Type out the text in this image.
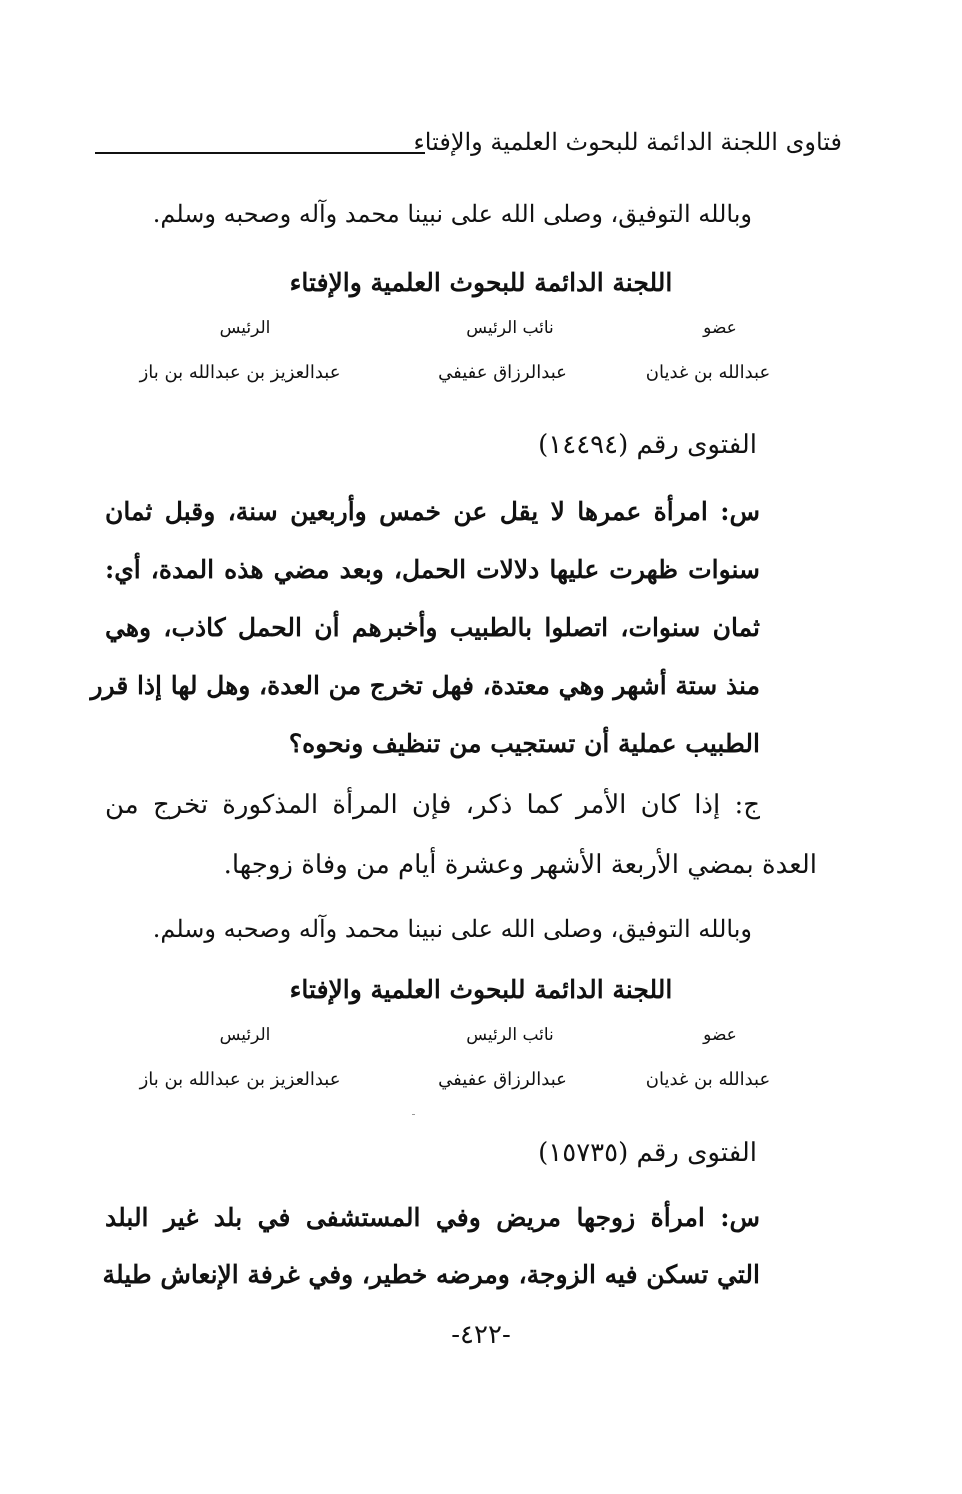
فتاوى اللجنة الدائمة للبحوث العلمية والإفتاء
وبالله التوفيق، وصلى الله على نبينا محمد وآله وصحبه وسلم.
اللجنة الدائمة للبحوث العلمية والإفتاء
عضو
نائب الرئيس
الرئيس
عبدالله بن غديان
عبدالرزاق عفيفي
عبدالعزيز بن عبدالله بن باز
الفتوى رقم (١٤٤٩٤)
س: امرأة عمرها لا يقل عن خمس وأربعين سنة، وقبل ثمان
سنوات ظهرت عليها دلالات الحمل، وبعد مضي هذه المدة، أي:
ثمان سنوات، اتصلوا بالطبيب وأخبرهم أن الحمل كاذب، وهي
منذ ستة أشهر وهي معتدة، فهل تخرج من العدة، وهل لها إذا قرر
الطبيب عملية أن تستجيب من تنظيف ونحوه؟
ج: إذا كان الأمر كما ذكر، فإن المرأة المذكورة تخرج من
العدة بمضي الأربعة الأشهر وعشرة أيام من وفاة زوجها.
وبالله التوفيق، وصلى الله على نبينا محمد وآله وصحبه وسلم.
اللجنة الدائمة للبحوث العلمية والإفتاء
عضو
نائب الرئيس
الرئيس
عبدالله بن غديان
عبدالرزاق عفيفي
عبدالعزيز بن عبدالله بن باز
الفتوى رقم (١٥٧٣٥)
س: امرأة زوجها مريض وفي المستشفى في بلد غير البلد
التي تسكن فيه الزوجة، ومرضه خطير، وفي غرفة الإنعاش طيلة
-٤٢٢-
